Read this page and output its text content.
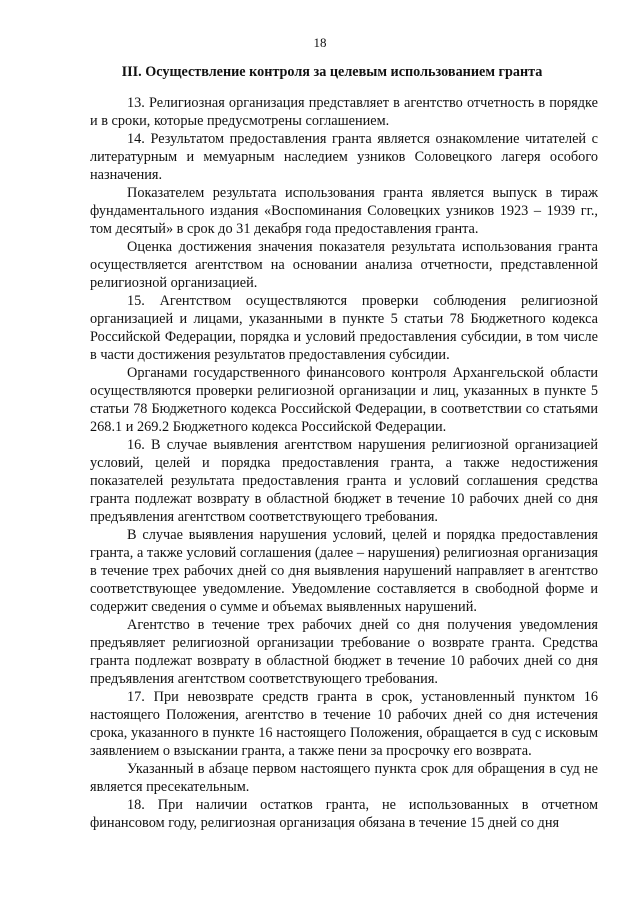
18
III. Осуществление контроля за целевым использованием гранта

13. Религиозная организация представляет в агентство отчетность в порядке и в сроки, которые предусмотрены соглашением.

14. Результатом предоставления гранта является ознакомление читателей с литературным и мемуарным наследием узников Соловецкого лагеря особого назначения.

Показателем результата использования гранта является выпуск в тираж фундаментального издания «Воспоминания Соловецких узников 1923 – 1939 гг., том десятый» в срок до 31 декабря года предоставления гранта.

Оценка достижения значения показателя результата использования гранта осуществляется агентством на основании анализа отчетности, представленной религиозной организацией.

15. Агентством осуществляются проверки соблюдения религиозной организацией и лицами, указанными в пункте 5 статьи 78 Бюджетного кодекса Российской Федерации, порядка и условий предоставления субсидии, в том числе в части достижения результатов предоставления субсидии.

Органами государственного финансового контроля Архангельской области осуществляются проверки религиозной организации и лиц, указанных в пункте 5 статьи 78 Бюджетного кодекса Российской Федерации, в соответствии со статьями 268.1 и 269.2 Бюджетного кодекса Российской Федерации.

16. В случае выявления агентством нарушения религиозной организацией условий, целей и порядка предоставления гранта, а также недостижения показателей результата предоставления гранта и условий соглашения средства гранта подлежат возврату в областной бюджет в течение 10 рабочих дней со дня предъявления агентством соответствующего требования.

В случае выявления нарушения условий, целей и порядка предоставления гранта, а также условий соглашения (далее – нарушения) религиозная организация в течение трех рабочих дней со дня выявления нарушений направляет в агентство соответствующее уведомление. Уведомление составляется в свободной форме и содержит сведения о сумме и объемах выявленных нарушений.

Агентство в течение трех рабочих дней со дня получения уведомления предъявляет религиозной организации требование о возврате гранта. Средства гранта подлежат возврату в областной бюджет в течение 10 рабочих дней со дня предъявления агентством соответствующего требования.

17. При невозврате средств гранта в срок, установленный пунктом 16 настоящего Положения, агентство в течение 10 рабочих дней со дня истечения срока, указанного в пункте 16 настоящего Положения, обращается в суд с исковым заявлением о взыскании гранта, а также пени за просрочку его возврата.

Указанный в абзаце первом настоящего пункта срок для обращения в суд не является пресекательным.

18. При наличии остатков гранта, не использованных в отчетном финансовом году, религиозная организация обязана в течение 15 дней со дня
